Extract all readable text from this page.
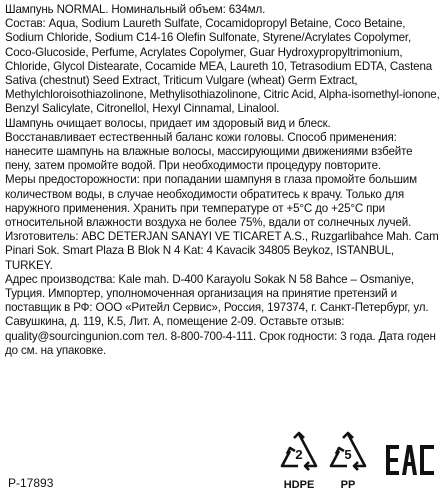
Шампунь NORMAL. Номинальный объем: 634мл.

Состав: Aqua, Sodium Laureth Sulfate, Cocamidopropyl Betaine, Coco Betaine, Sodium Chloride, Sodium C14-16 Olefin Sulfonate, Styrene/Acrylates Copolymer, Coco-Glucoside, Perfume, Acrylates Copolymer, Guar Hydroxypropyltrimonium, Chloride, Glycol Distearate, Cocamide MEA, Laureth 10, Tetrasodium EDTA, Castena Sativa (chestnut) Seed Extract, Triticum Vulgare (wheat) Germ Extract, Methylchloroisothiazolinone, Methylisothiazolinone, Citric Acid, Alpha-isomethyl-ionone, Benzyl Salicylate, Citronellol, Hexyl Cinnamal, Linalool.

Шампунь очищает волосы, придает им здоровый вид и блеск.

Восстанавливает естественный баланс кожи головы. Способ применения: нанесите шампунь на влажные волосы, массирующими движениями взбейте пену, затем промойте водой. При необходимости процедуру повторите.

Меры предосторожности: при попадании шампуня в глаза промойте большим количеством воды, в случае необходимости обратитесь к врачу. Только для наружного применения. Хранить при температуре от +5°С до +25°С при относительной влажности воздуха не более 75%, вдали от солнечных лучей.

Изготовитель: ABC DETERJAN SANAYI VE TICARET A.S., Ruzgarlibahce Mah. Cam Pinari Sok. Smart Plaza B Blok N 4 Kat: 4 Kavacik 34805 Beykoz, ISTANBUL, TURKEY.

Адрес производства: Kale mah. D-400 Karayolu Sokak N 58 Bahce – Osmaniye, Турция. Импортер, уполномоченная организация на принятие претензий и поставщик в РФ: ООО «Ритейл Сервис», Россия, 197374, г. Санкт-Петербург, ул. Савушкина, д. 119, К.5, Лит. А, помещение 2-09. Оставьте отзыв: quality@sourcingunion.com тел. 8-800-700-4-111. Срок годности: 3 года. Дата годен до см. на упаковке.

P-17893
2
HDPE
5
PP
